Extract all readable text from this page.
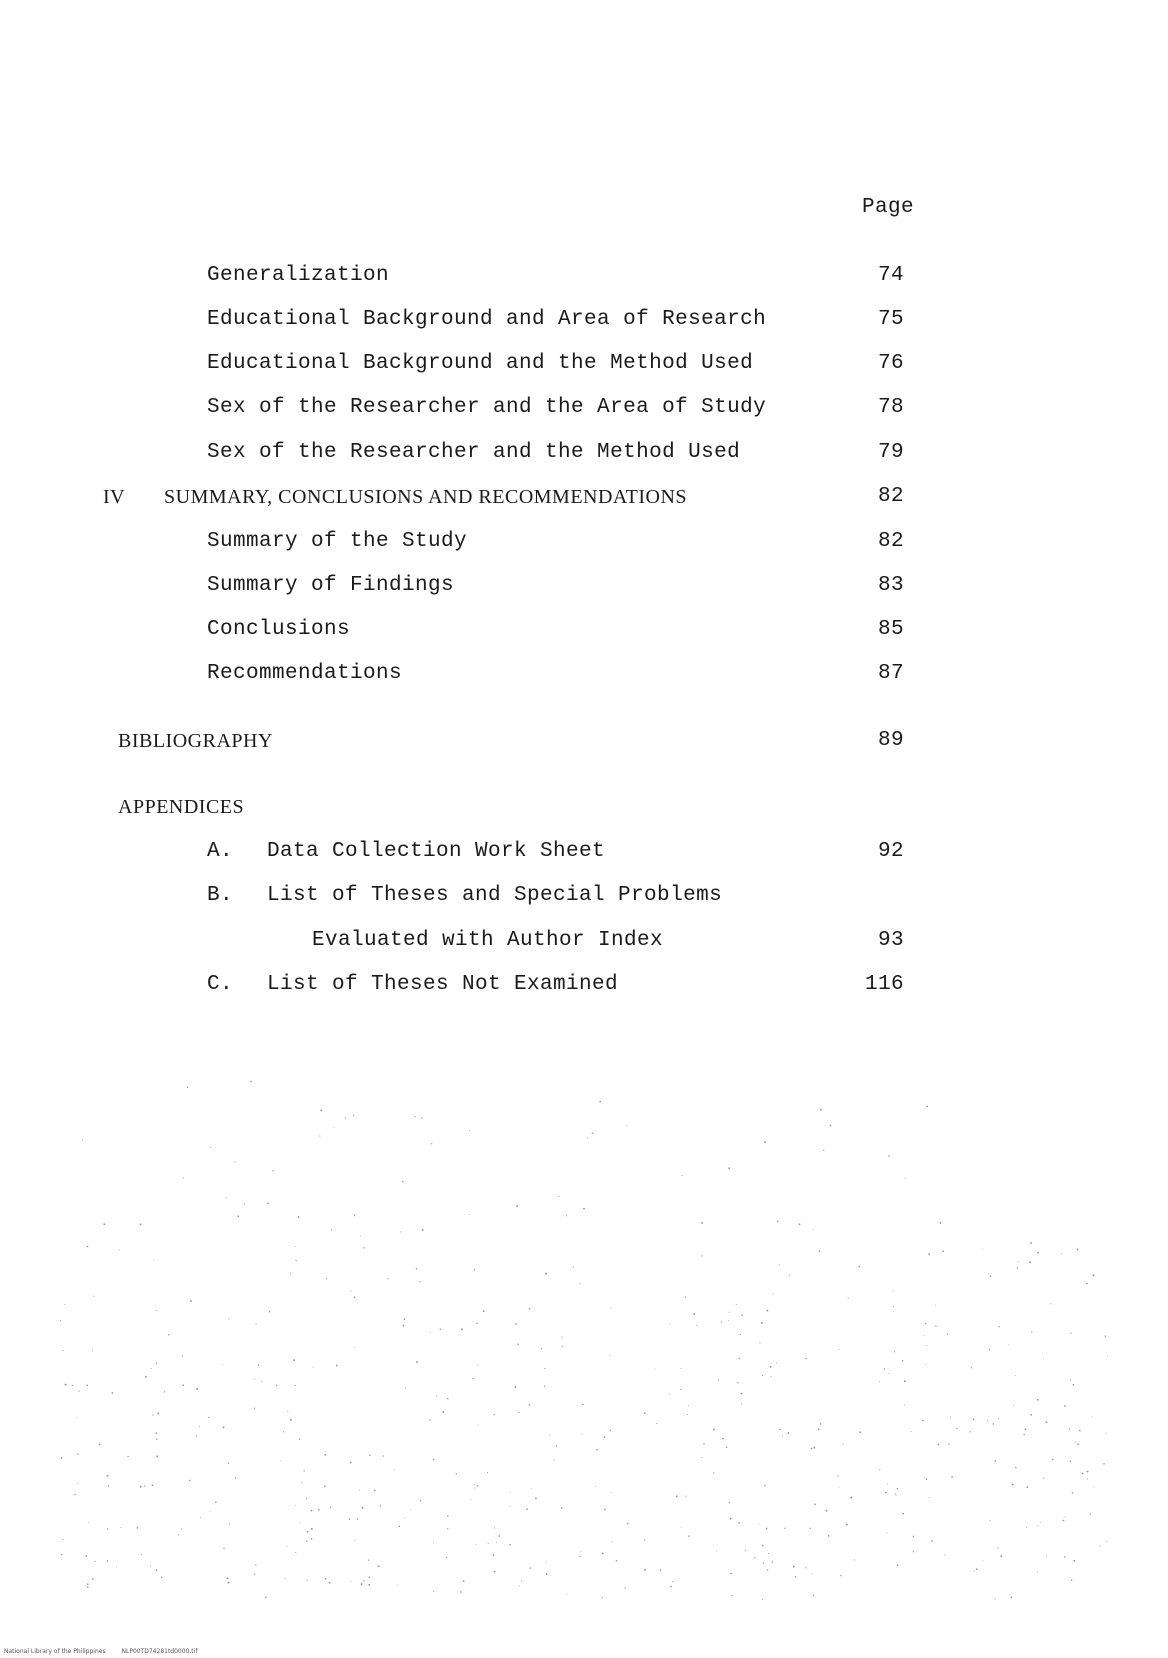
Page
Generalization	74
Educational Background and Area of Research	75
Educational Background and the Method Used	76
Sex of the Researcher and the Area of Study	78
Sex of the Researcher and the Method Used	79
IV SUMMARY, CONCLUSIONS AND RECOMMENDATIONS	82
Summary of the Study	82
Summary of Findings	83
Conclusions	85
Recommendations	87
BIBLIOGRAPHY	89
APPENDICES
A. Data Collection Work Sheet	92
B. List of Theses and Special Problems
Evaluated with Author Index	93
C. List of Theses Not Examined	116
National Library of the Philippines	NLP00TD74281td0000.tif
